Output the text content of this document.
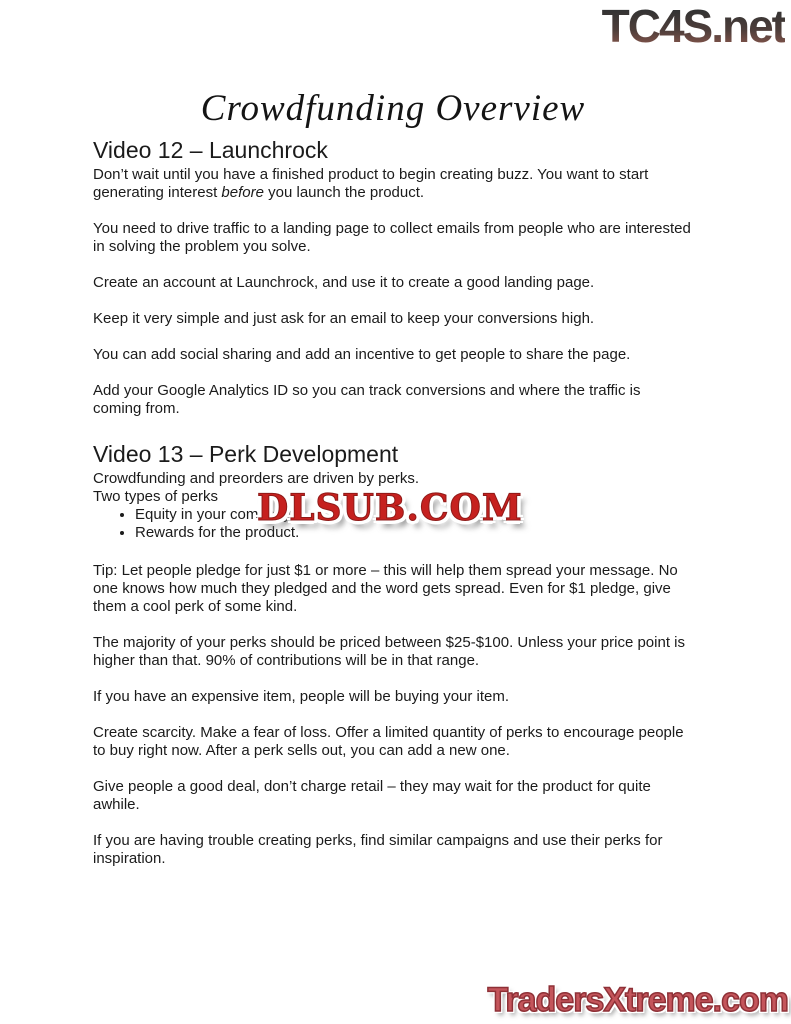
TC4S.net
Crowdfunding Overview
Video 12 – Launchrock

Don’t wait until you have a finished product to begin creating buzz. You want to start generating interest before you launch the product.

You need to drive traffic to a landing page to collect emails from people who are interested in solving the problem you solve.

Create an account at Launchrock, and use it to create a good landing page.

Keep it very simple and just ask for an email to keep your conversions high.

You can add social sharing and add an incentive to get people to share the page.

Add your Google Analytics ID so you can track conversions and where the traffic is coming from.

Video 13 – Perk Development

Crowdfunding and preorders are driven by perks.

Two types of perks

• Equity in your company
• Rewards for the product.

Tip: Let people pledge for just $1 or more – this will help them spread your message. No one knows how much they pledged and the word gets spread. Even for $1 pledge, give them a cool perk of some kind.

The majority of your perks should be priced between $25-$100. Unless your price point is higher than that. 90% of contributions will be in that range.

If you have an expensive item, people will be buying your item.

Create scarcity. Make a fear of loss. Offer a limited quantity of perks to encourage people to buy right now. After a perk sells out, you can add a new one.

Give people a good deal, don’t charge retail – they may wait for the product for quite awhile.

If you are having trouble creating perks, find similar campaigns and use their perks for inspiration.

DLSUB.COM
TradersXtreme.com
